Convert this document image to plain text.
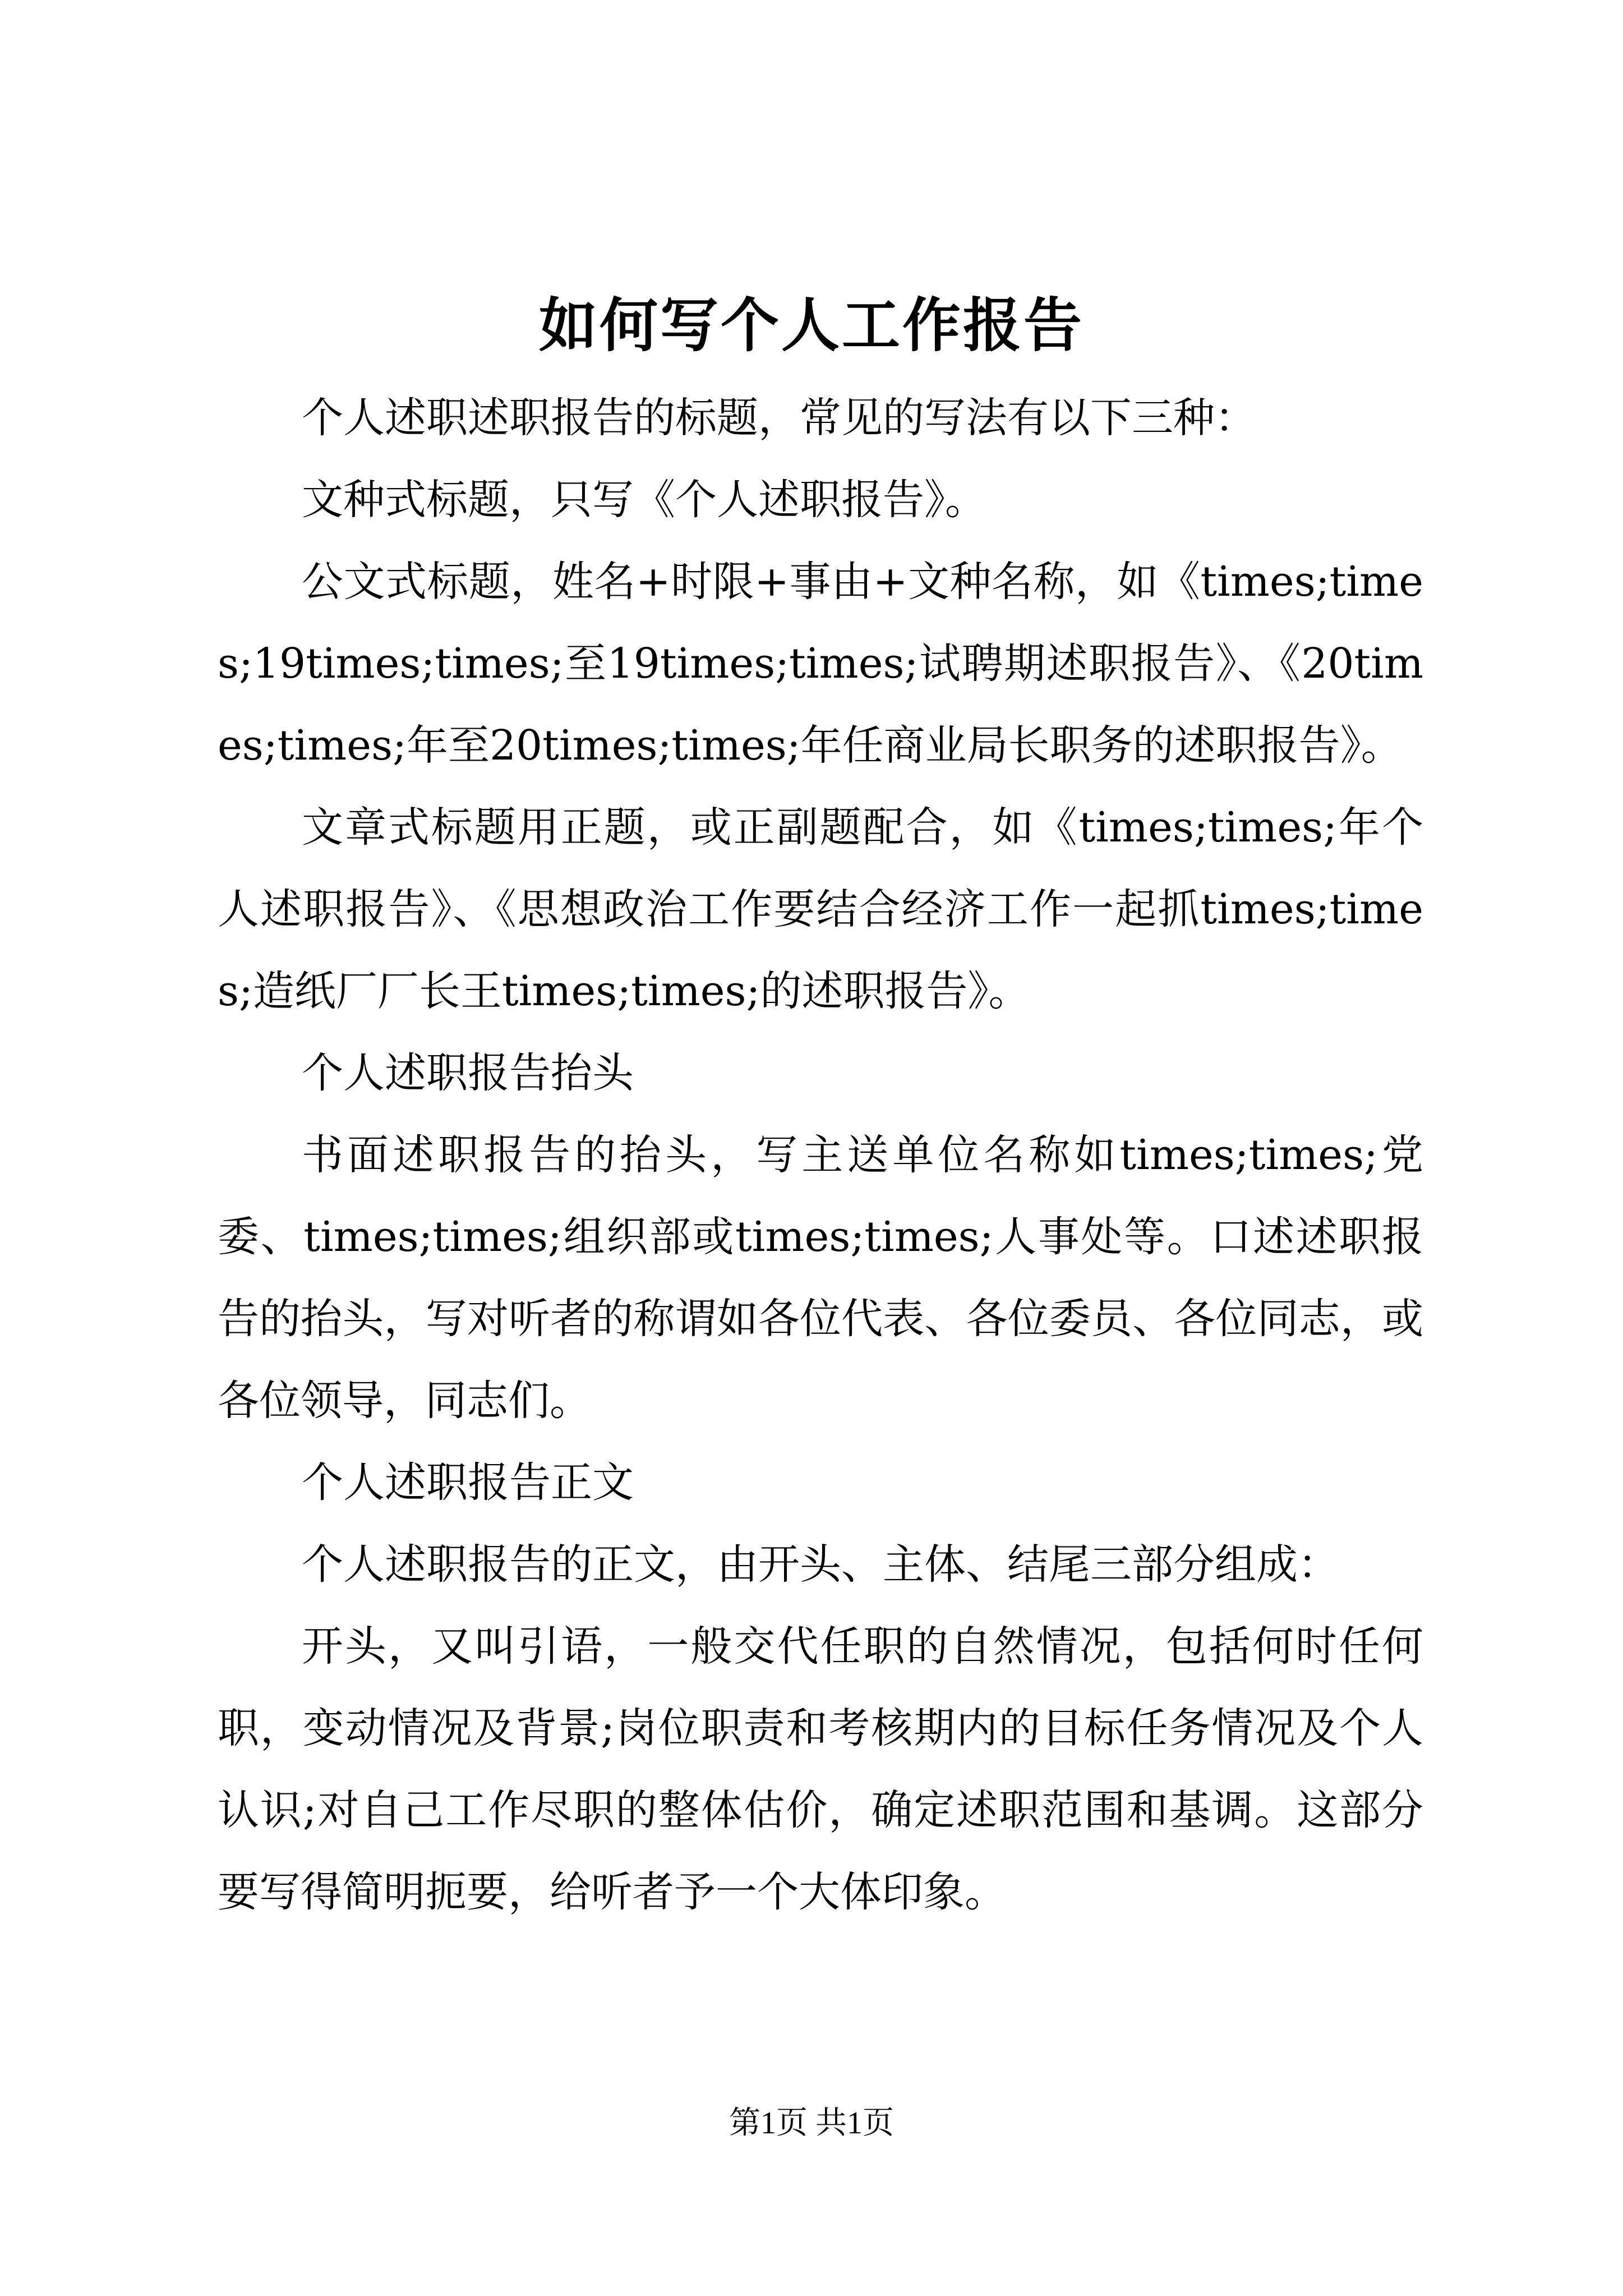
如何写个人工作报告

个人述职述职报告的标题，常见的写法有以下三种：

文种式标题，只写《个人述职报告》。

公文式标题，姓名+时限+事由+文种名称，如《times;times;19times;times;至19times;times;试聘期述职报告》、《20times;times;年至20times;times;年任商业局长职务的述职报告》。

文章式标题用正题，或正副题配合，如《times;times;年个人述职报告》、《思想政治工作要结合经济工作一起抓times;times;造纸厂厂长王times;times;的述职报告》。

个人述职报告抬头

书面述职报告的抬头，写主送单位名称如times;times;党委、times;times;组织部或times;times;人事处等。口述述职报告的抬头，写对听者的称谓如各位代表、各位委员、各位同志，或各位领导，同志们。

个人述职报告正文

个人述职报告的正文，由开头、主体、结尾三部分组成：

开头，又叫引语，一般交代任职的自然情况，包括何时任何职，变动情况及背景;岗位职责和考核期内的目标任务情况及个人认识;对自己工作尽职的整体估价，确定述职范围和基调。这部分要写得简明扼要，给听者予一个大体印象。

第1页 共1页
